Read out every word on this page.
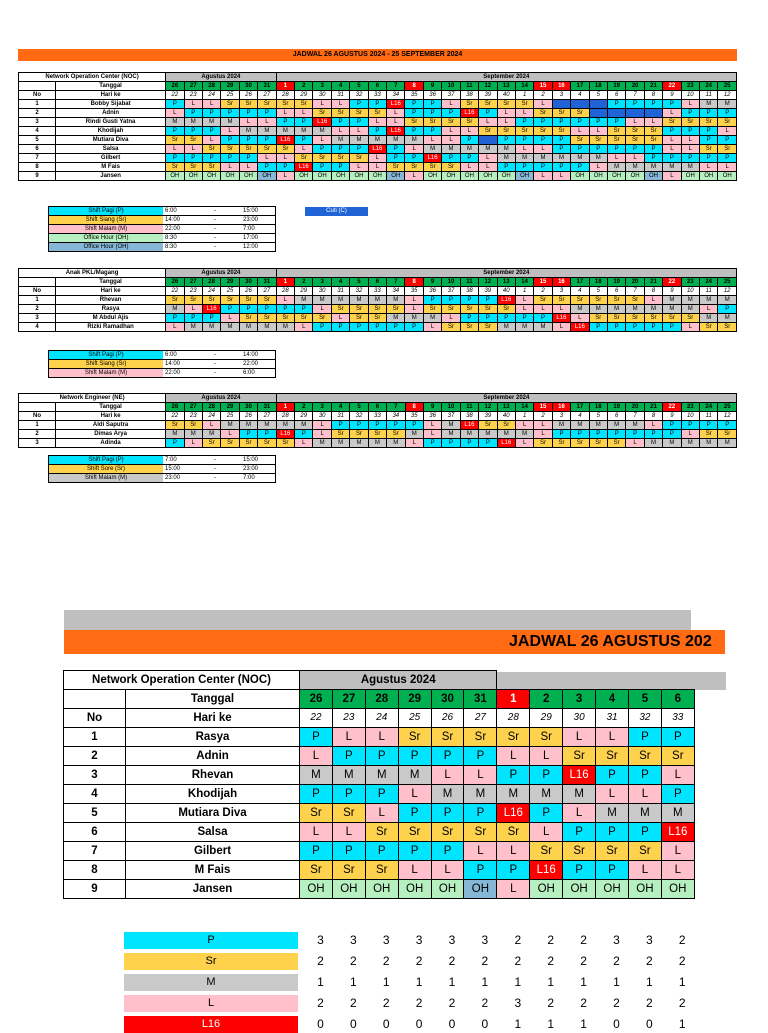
JADWAL 26 AGUSTUS 2024 - 25 SEPTEMBER 2024
Network Operation Center (NOC)		Agustus 2024						September 2024																								
	Tanggal	26	27	28	29	30	31	1	2	3	4	5	6	7	8	9	10	11	12	13	14	15	16	17	18	19	20	21	22	23	24	25
No	Hari ke	22	23	24	25	26	27	28	29	30	31	32	33	34	35	36	37	38	39	40	1	2	3	4	5	6	7	8	9	10	11	12
1	Bobby Sijabat	P	L	L	Sr	Sr	Sr	Sr	Sr	L	L	P	P	L16	P	P	L	Sr	Sr	Sr	Sr	L				P	P	P	P	L	M	M
2	Adnin	L	P	P	P	P	P	L	L	Sr	Sr	Sr	Sr	L	P	P	P	L16	P	L	L	Sr	Sr	Sr					L	P	P	P
3	Rindi Gusti Yatna	M	M	M	M	L	L	P	P	L16	P	P	L	L	Sr	Sr	Sr	Sr	L	L	P	P	P	P	P	P	L	L	Sr	Sr	Sr	Sr
4	Khodijah	P	P	P	L	M	M	M	M	M	L	L	P	L16	P	P	L	L	Sr	Sr	Sr	Sr	Sr	L	L	Sr	Sr	Sr	P	P	P	L
5	Mutiara Diva	Sr	Sr	L	P	P	P	L16	P	L	M	M	M	M	M	L	L	P		P	P	P	P	Sr	Sr	Sr	Sr	Sr	L	L	P	P
6	Salsa	L	L	Sr	Sr	Sr	Sr	Sr	L	P	P	P	L16	P	L	M	M	M	M	M	L	L	P	P	P	P	P	P	L	L	Sr	Sr
7	Gilbert	P	P	P	P	P	L	L	Sr	Sr	Sr	Sr	L	P	P	L16	P	P	L	M	M	M	M	M	M	L	L	P	P	P	P	P
8	M Fais	Sr	Sr	Sr	L	L	P	P	L16	P	P	L	L	Sr	Sr	Sr	Sr	L	L	P	P	P	P	P	L	M	M	M	M	M	L	L
9	Jansen	OH	OH	OH	OH	OH	OH	L	OH	OH	OH	OH	OH	OH	L	OH	OH	OH	OH	OH	OH	L	L	OH	OH	OH	OH	OH	L	OH	OH	OH
Shift Pagi (P)	6:00	-	15:00
Shift Siang (Sr)	14:00	-	23:00
Shift Malam (M)	22:00	-	7:00
Office Hour (OH)	8:30	-	17:00
Office Hour (OH)	8:30	-	12:00
Cuti (C)
Anak PKL/Magang		Agustus 2024						September 2024																								
	Tanggal	26	27	28	29	30	31	1	2	3	4	5	6	7	8	9	10	11	12	13	14	15	16	17	18	19	20	21	22	23	24	25
No	Hari ke	22	23	24	25	26	27	28	29	30	31	32	33	34	35	36	37	38	39	40	1	2	3	4	5	6	7	8	9	10	11	12
1	Rhevan	Sr	Sr	Sr	Sr	Sr	Sr	L	M	M	M	M	M	M	L	P	P	P	P	L16	L	Sr	Sr	Sr	Sr	Sr	Sr	L	M	M	M	M
2	Rasya	M	L	L16	P	P	P	P	P	L	Sr	Sr	Sr	Sr	L	Sr	Sr	Sr	Sr	Sr	L	L	L	M	M	M	M	M	M	M	L	P
3	M Abdul Ajis	P	P	P	L	Sr	Sr	Sr	Sr	Sr	L	Sr	Sr	M	M	M	L	P	P	P	P	P	L16	L	Sr	Sr	Sr	Sr	Sr	Sr	M	M
4	Rizki Ramadhan	L	M	M	M	M	M	M	L	P	P	P	P	P	P	L	Sr	Sr	Sr	M	M	M	L	L16	P	P	P	P	P	L	Sr	Sr
Shift Pagi (P)	6:00	-	14:00
Shift Siang (Sr)	14:00	-	22:00
Shift Malam (M)	22:00	-	6:00
Network Engineer (NE)		Agustus 2024						September 2024																								
	Tanggal	26	27	28	29	30	31	1	2	3	4	5	6	7	8	9	10	11	12	13	14	15	16	17	18	19	20	21	22	23	24	25
No	Hari ke	22	23	24	25	26	27	28	29	30	31	32	33	34	35	36	37	38	39	40	1	2	3	4	5	6	7	8	9	10	11	12
1	Aldi Saputra	Sr	Sr	L	M	M	M	M	M	L	P	P	P	P	P	L	M	L16	Sr	Sr	L	L	M	M	M	M	M	L	P	P	P	P
2	Dimas Arya	M	M	M	L	P	P	L16	P	L	Sr	Sr	Sr	Sr	M	L	M	M	M	M	M	L	P	P	P	P	P	P	P	L	Sr	Sr
3	Adinda	P	L	Sr	Sr	Sr	Sr	Sr	L	M	M	M	M	M	L	P	P	P	P	L16	L	Sr	Sr	Sr	Sr	Sr	L	M	M	M	M	M
Shift Pagi (P)	7:00	-	15:00
Shift Sore (Sr)	15:00	-	23:00
Shift Malam (M)	23:00	-	7:00
JADWAL 26 AGUSTUS 202
Network Operation Center (NOC)		Agustus 2024											
	Tanggal	26	27	28	29	30	31	1	2	3	4	5	6
No	Hari ke	22	23	24	25	26	27	28	29	30	31	32	33
1	Rasya	P	L	L	Sr	Sr	Sr	Sr	Sr	L	L	P	P
2	Adnin	L	P	P	P	P	P	L	L	Sr	Sr	Sr	Sr
3	Rhevan	M	M	M	M	L	L	P	P	L16	P	P	L
4	Khodijah	P	P	P	L	M	M	M	M	M	L	L	P
5	Mutiara Diva	Sr	Sr	L	P	P	P	L16	P	L	M	M	M
6	Salsa	L	L	Sr	Sr	Sr	Sr	Sr	L	P	P	P	L16
7	Gilbert	P	P	P	P	P	L	L	Sr	Sr	Sr	Sr	L
8	M Fais	Sr	Sr	Sr	L	L	P	P	L16	P	P	L	L
9	Jansen	OH	OH	OH	OH	OH	OH	L	OH	OH	OH	OH	OH
P	3 3 3 3 3 3 2 2 2 3 3 2
Sr	2 2 2 2 2 2 2 2 2 2 2 2
M	1 1 1 1 1 1 1 1 1 1 1 1
L	2 2 2 2 2 2 3 2 2 2 2 2
L16	0 0 0 0 0 0 1 1 1 0 0 1
